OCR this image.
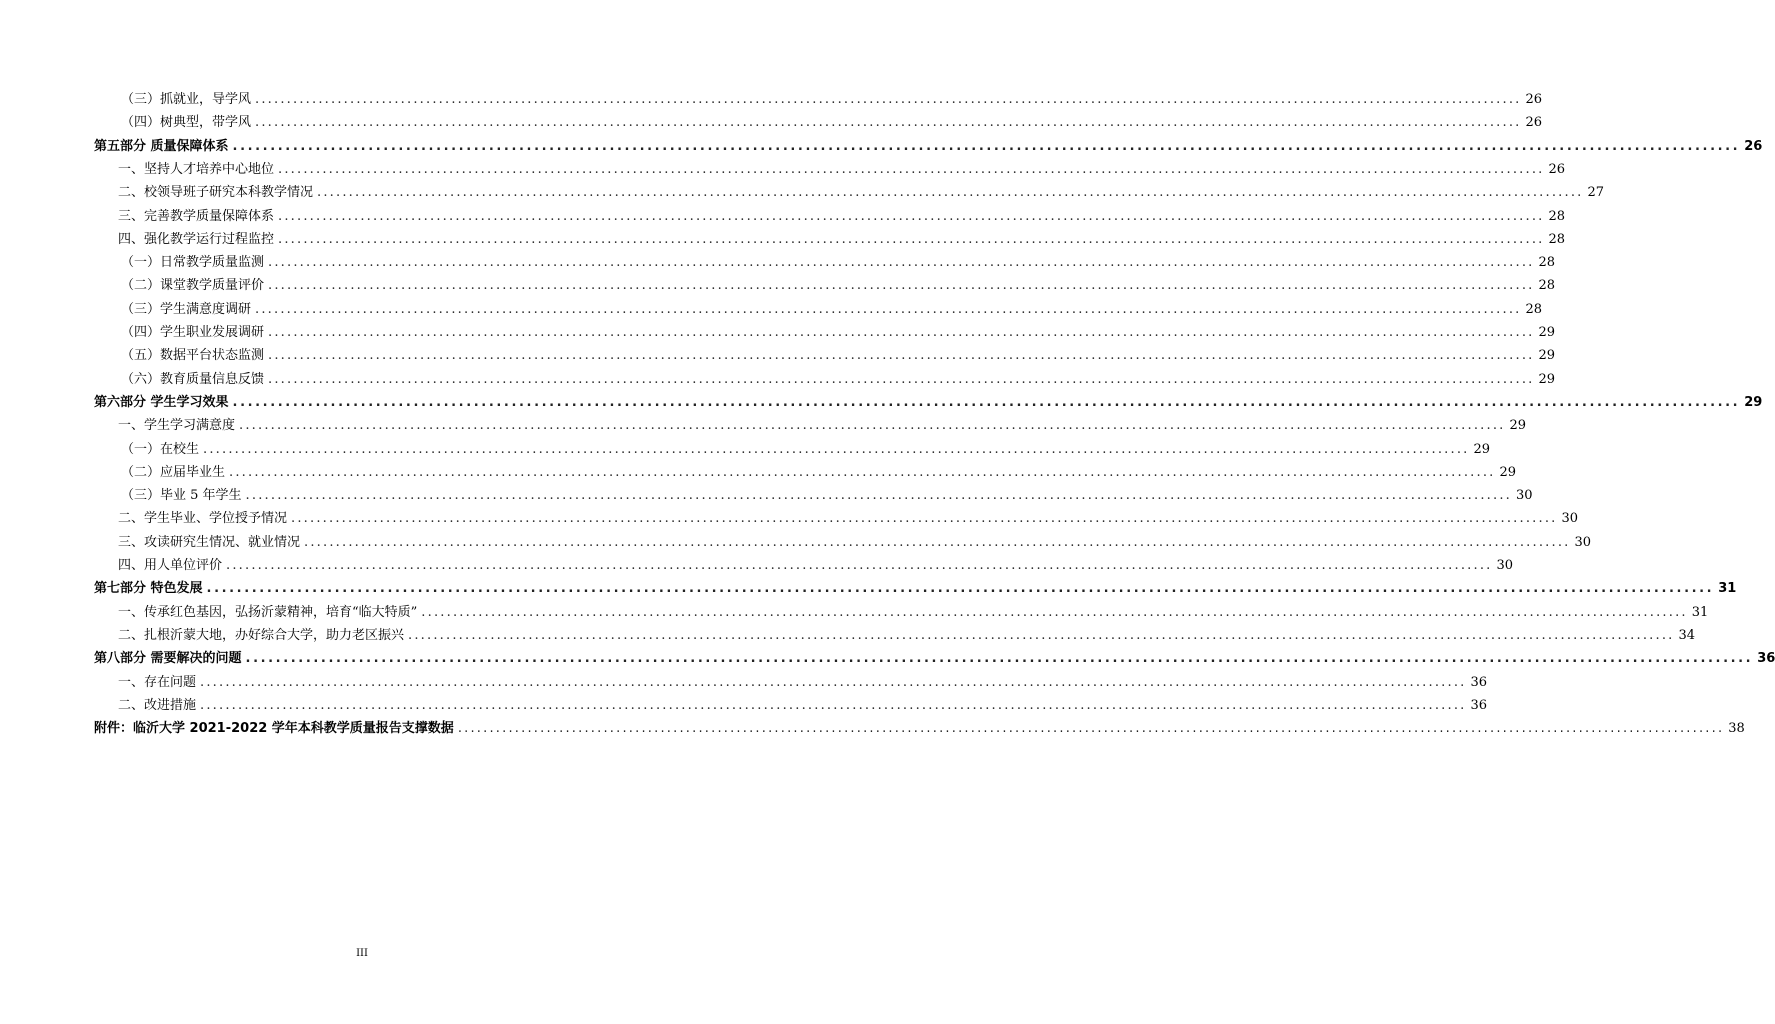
（三）抓就业，导学风 ........................................................................................................................................................................................................ 26
（四）树典型，带学风 ........................................................................................................................................................................................................ 26
第五部分 质量保障体系 ........................................................................................................................................................................................................ 26
一、坚持人才培养中心地位 ........................................................................................................................................................................................................ 26
二、校领导班子研究本科教学情况 ........................................................................................................................................................................................................ 27
三、完善教学质量保障体系 ........................................................................................................................................................................................................ 28
四、强化教学运行过程监控 ........................................................................................................................................................................................................ 28
（一）日常教学质量监测 ........................................................................................................................................................................................................ 28
（二）课堂教学质量评价 ........................................................................................................................................................................................................ 28
（三）学生满意度调研 ........................................................................................................................................................................................................ 28
（四）学生职业发展调研 ........................................................................................................................................................................................................ 29
（五）数据平台状态监测 ........................................................................................................................................................................................................ 29
（六）教育质量信息反馈 ........................................................................................................................................................................................................ 29
第六部分 学生学习效果 ........................................................................................................................................................................................................ 29
一、学生学习满意度 ........................................................................................................................................................................................................ 29
（一）在校生 ........................................................................................................................................................................................................ 29
（二）应届毕业生 ........................................................................................................................................................................................................ 29
（三）毕业 5 年学生 ........................................................................................................................................................................................................ 30
二、学生毕业、学位授予情况 ........................................................................................................................................................................................................ 30
三、攻读研究生情况、就业情况 ........................................................................................................................................................................................................ 30
四、用人单位评价 ........................................................................................................................................................................................................ 30
第七部分 特色发展 ........................................................................................................................................................................................................ 31
一、传承红色基因，弘扬沂蒙精神，培育“临大特质” ........................................................................................................................................................................................................ 31
二、扎根沂蒙大地，办好综合大学，助力老区振兴 ........................................................................................................................................................................................................ 34
第八部分 需要解决的问题 ........................................................................................................................................................................................................ 36
一、存在问题 ........................................................................................................................................................................................................ 36
二、改进措施 ........................................................................................................................................................................................................ 36
附件：临沂大学 2021-2022 学年本科教学质量报告支撑数据 ........................................................................................................................................................................................................ 38
III
